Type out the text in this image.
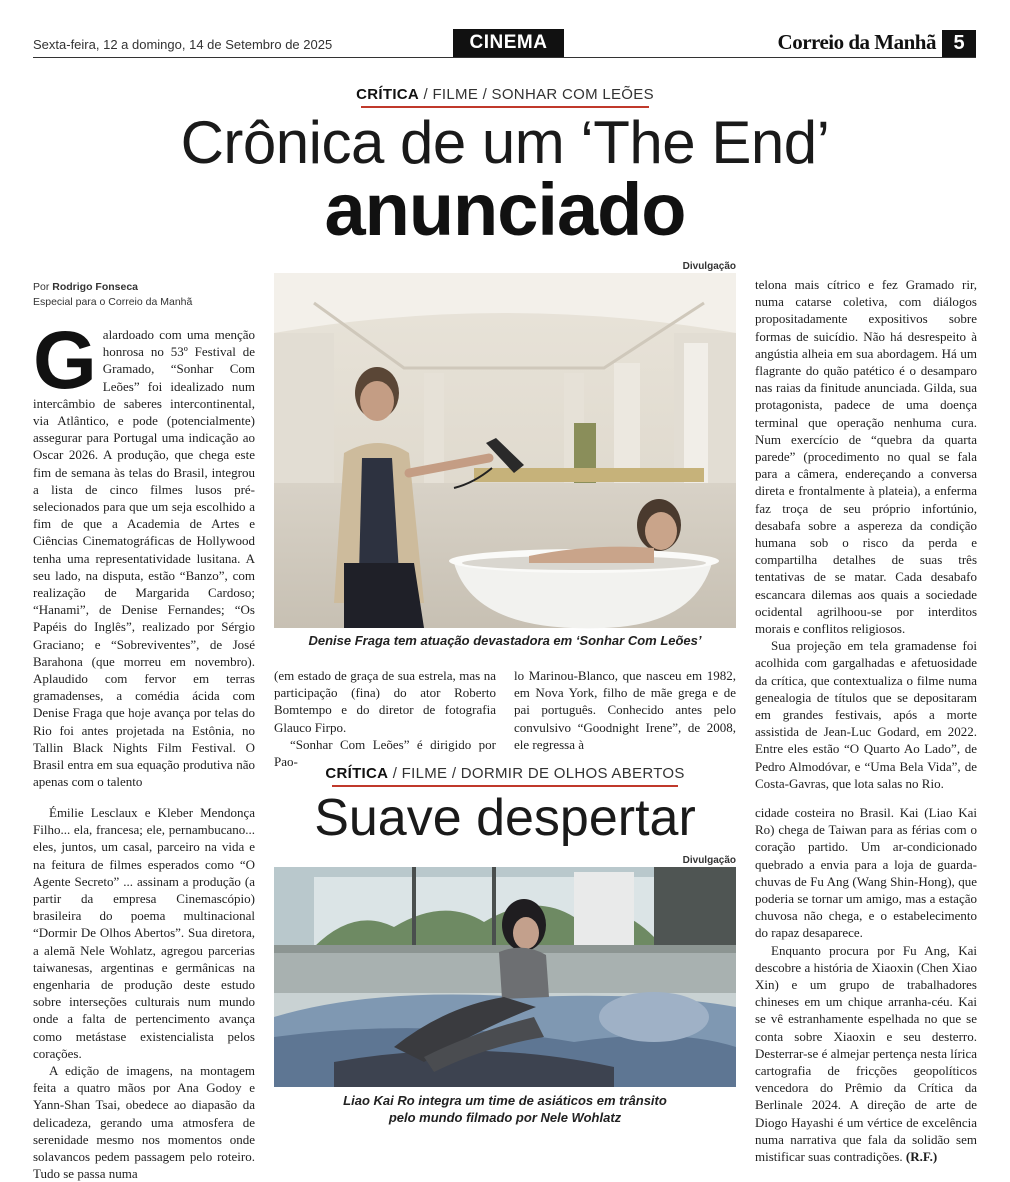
Sexta-feira, 12 a domingo, 14 de Setembro de 2025	CINEMA	Correio da Manhã 5
CRÍTICA / FILME / SONHAR COM LEÕES
Crônica de um ‘The End’
anunciado
Por Rodrigo Fonseca
Especial para o Correio da Manhã

Galardoado com uma menção honrosa no 53º Festival de Gramado, “Sonhar Com Leões” foi idealizado num intercâmbio de saberes intercontinental, via Atlântico, e pode (potencialmente) assegurar para Portugal uma indicação ao Oscar 2026. A produção, que chega este fim de semana às telas do Brasil, integrou a lista de cinco filmes lusos pré-selecionados para que um seja escolhido a fim de que a Academia de Artes e Ciências Cinematográficas de Hollywood tenha uma representatividade lusitana. A seu lado, na disputa, estão “Banzo”, com realização de Margarida Cardoso; “Hanami”, de Denise Fernandes; “Os Papéis do Inglês”, realizado por Sérgio Graciano; e “Sobreviventes”, de José Barahona (que morreu em novembro). Aplaudido com fervor em terras gramadenses, a comédia ácida com Denise Fraga que hoje avança por telas do Rio foi antes projetada na Estônia, no Tallin Black Nights Film Festival. O Brasil entra em sua equação produtiva não apenas com o talento

Divulgação
Denise Fraga tem atuação devastadora em ‘Sonhar Com Leões’

(em estado de graça de sua estrela, mas na participação (fina) do ator Roberto Bomtempo e do diretor de fotografia Glauco Firpo.

“Sonhar Com Leões” é dirigido por Pao-

lo Marinou-Blanco, que nasceu em 1982, em Nova York, filho de mãe grega e de pai português. Conhecido antes pelo convulsivo “Goodnight Irene”, de 2008, ele regressa à

telona mais cítrico e fez Gramado rir, numa catarse coletiva, com diálogos propositadamente expositivos sobre formas de suicídio. Não há desrespeito à angústia alheia em sua abordagem. Há um flagrante do quão patético é o desamparo nas raias da finitude anunciada. Gilda, sua protagonista, padece de uma doença terminal que operação nenhuma cura. Num exercício de “quebra da quarta parede” (procedimento no qual se fala para a câmera, endereçando a conversa direta e frontalmente à plateia), a enferma faz troça de seu próprio infortúnio, desabafa sobre a aspereza da condição humana sob o risco da perda e compartilha detalhes de suas três tentativas de se matar. Cada desabafo escancara dilemas aos quais a sociedade ocidental agrilhoou-se por interditos morais e conflitos religiosos.

Sua projeção em tela gramadense foi acolhida com gargalhadas e afetuosidade da crítica, que contextualiza o filme numa genealogia de títulos que se depositaram em grandes festivais, após a morte assistida de Jean-Luc Godard, em 2022. Entre eles estão “O Quarto Ao Lado”, de Pedro Almodóvar, e “Uma Bela Vida”, de Costa-Gavras, que lota salas no Rio.

CRÍTICA / FILME / DORMIR DE OLHOS ABERTOS
Suave despertar

Émilie Lesclaux e Kleber Mendonça Filho... ela, francesa; ele, pernambucano... eles, juntos, um casal, parceiro na vida e na feitura de filmes esperados como “O Agente Secreto” ... assinam a produção (a partir da empresa Cinemascópio) brasileira do poema multinacional “Dormir De Olhos Abertos”. Sua diretora, a alemã Nele Wohlatz, agregou parcerias taiwanesas, argentinas e germânicas na engenharia de produção deste estudo sobre interseções culturais num mundo onde a falta de pertencimento avança como metástase existencialista pelos corações.

A edição de imagens, na montagem feita a quatro mãos por Ana Godoy e Yann-Shan Tsai, obedece ao diapasão da delicadeza, gerando uma atmosfera de serenidade mesmo nos momentos onde solavancos pedem passagem pelo roteiro. Tudo se passa numa

Divulgação
Liao Kai Ro integra um time de asiáticos em trânsito
pelo mundo filmado por Nele Wohlatz

cidade costeira no Brasil. Kai (Liao Kai Ro) chega de Taiwan para as férias com o coração partido. Um ar-condicionado quebrado a envia para a loja de guarda-chuvas de Fu Ang (Wang Shin-Hong), que poderia se tornar um amigo, mas a estação chuvosa não chega, e o estabelecimento do rapaz desaparece.

Enquanto procura por Fu Ang, Kai descobre a história de Xiaoxin (Chen Xiao Xin) e um grupo de trabalhadores chineses em um chique arranha-céu. Kai se vê estranhamente espelhada no que se conta sobre Xiaoxin e seu desterro. Desterrar-se é almejar pertença nesta lírica cartografia de fricções geopolíticos vencedora do Prêmio da Crítica da Berlinale 2024. A direção de arte de Diogo Hayashi é um vértice de excelência numa narrativa que fala da solidão sem mistificar suas contradições. (R.F.)
